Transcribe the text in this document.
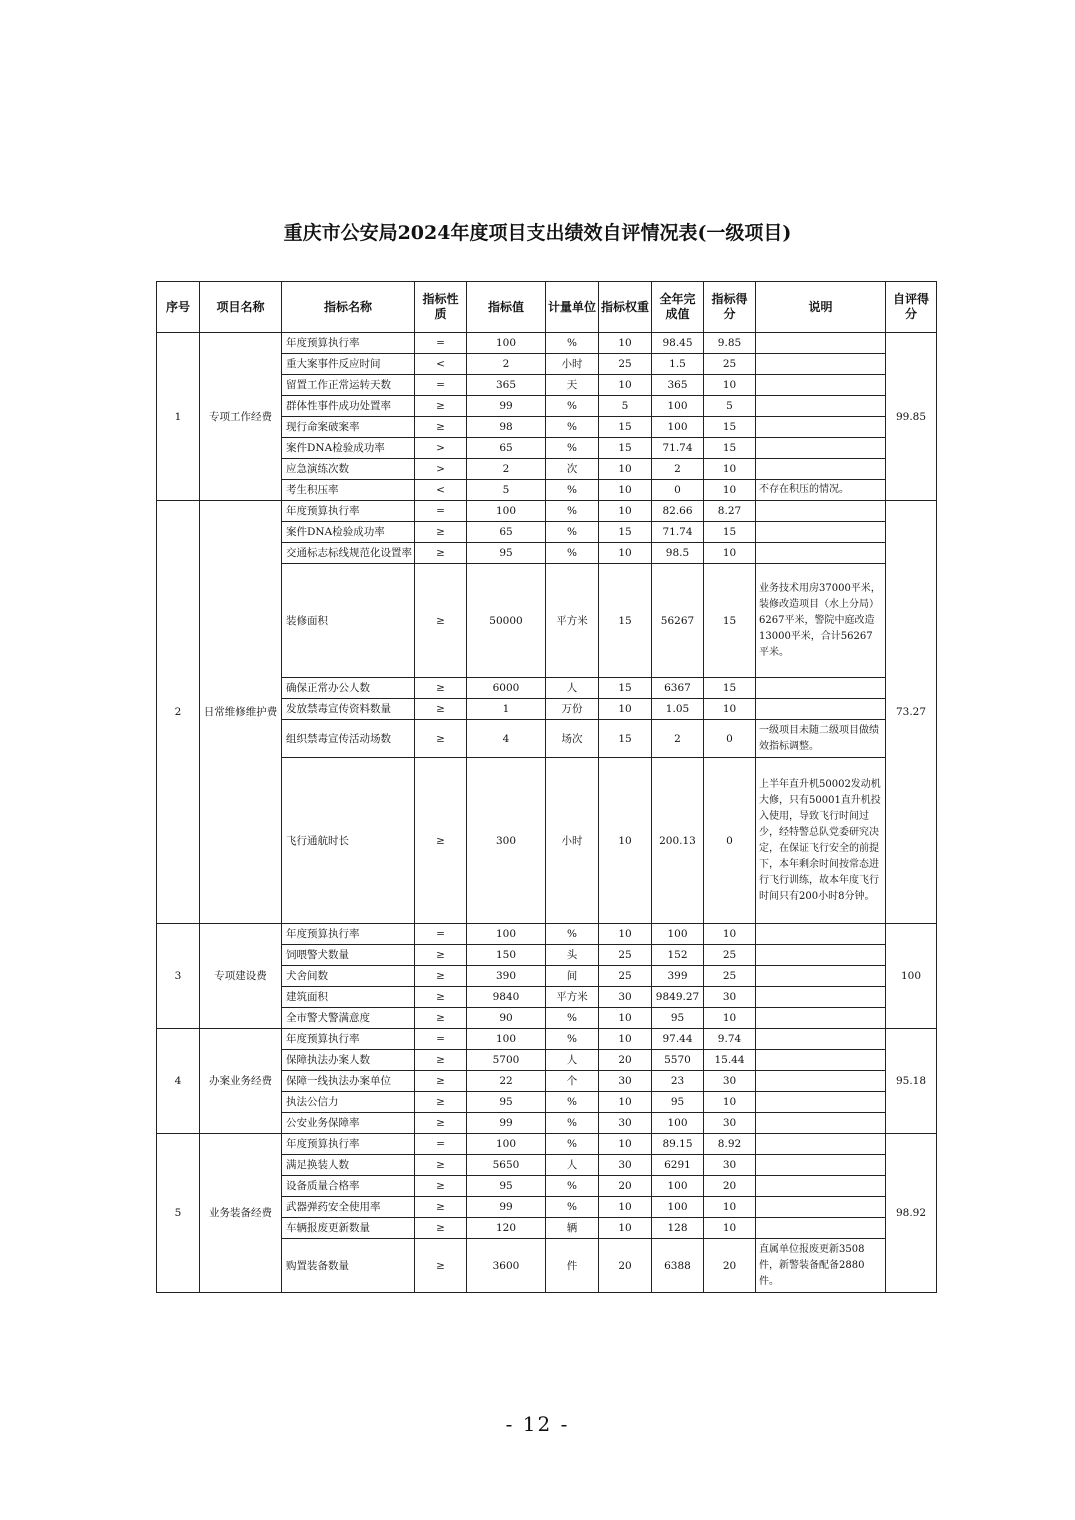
重庆市公安局2024年度项目支出绩效自评情况表(一级项目)
序号	项目名称	指标名称	指标性质	指标值	计量单位	指标权重	全年完成值	指标得分	说明	自评得分
1	专项工作经费	年度预算执行率	=	100	%	10	98.45	9.85		99.85
		重大案事件反应时间	<	2	小时	25	1.5	25		
		留置工作正常运转天数	=	365	天	10	365	10		
		群体性事件成功处置率	≥	99	%	5	100	5		
		现行命案破案率	≥	98	%	15	100	15		
		案件DNA检验成功率	>	65	%	15	71.74	15		
		应急演练次数	>	2	次	10	2	10		
		考生积压率	<	5	%	10	0	10	不存在积压的情况。	
2	日常维修维护费	年度预算执行率	=	100	%	10	82.66	8.27		73.27
		案件DNA检验成功率	≥	65	%	15	71.74	15		
		交通标志标线规范化设置率	≥	95	%	10	98.5	10		
		装修面积	≥	50000	平方米	15	56267	15	业务技术用房37000平米，装修改造项目（水上分局）6267平米，警院中庭改造13000平米，合计56267平米。	
		确保正常办公人数	≥	6000	人	15	6367	15		
		发放禁毒宣传资料数量	≥	1	万份	10	1.05	10		
		组织禁毒宣传活动场数	≥	4	场次	15	2	0	一级项目未随二级项目做绩效指标调整。	
		飞行通航时长	≥	300	小时	10	200.13	0	上半年直升机50002发动机大修，只有50001直升机投入使用，导致飞行时间过少，经特警总队党委研究决定，在保证飞行安全的前提下，本年剩余时间按常态进行飞行训练，故本年度飞行时间只有200小时8分钟。	
3	专项建设费	年度预算执行率	=	100	%	10	100	10		100
		饲喂警犬数量	≥	150	头	25	152	25		
		犬舍间数	≥	390	间	25	399	25		
		建筑面积	≥	9840	平方米	30	9849.27	30		
		全市警犬警满意度	≥	90	%	10	95	10		
4	办案业务经费	年度预算执行率	=	100	%	10	97.44	9.74		95.18
		保障执法办案人数	≥	5700	人	20	5570	15.44		
		保障一线执法办案单位	≥	22	个	30	23	30		
		执法公信力	≥	95	%	10	95	10		
		公安业务保障率	≥	99	%	30	100	30		
5	业务装备经费	年度预算执行率	=	100	%	10	89.15	8.92		98.92
		满足换装人数	≥	5650	人	30	6291	30		
		设备质量合格率	≥	95	%	20	100	20		
		武器弹药安全使用率	≥	99	%	10	100	10		
		车辆报废更新数量	≥	120	辆	10	128	10		
		购置装备数量	≥	3600	件	20	6388	20	直属单位报废更新3508件，新警装备配备2880件。	
- 12 -
